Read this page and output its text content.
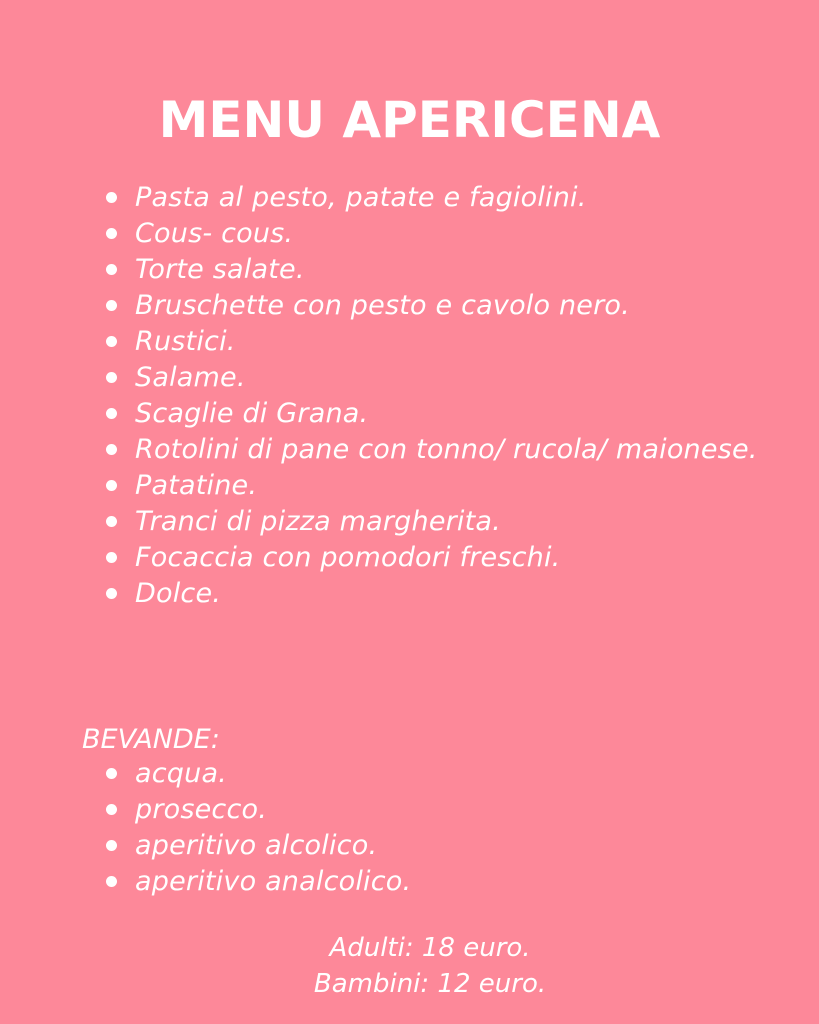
MENU APERICENA
Pasta al pesto, patate e fagiolini.
Cous- cous.
Torte salate.
Bruschette con pesto e cavolo nero.
Rustici.
Salame.
Scaglie di Grana.
Rotolini di pane con tonno/ rucola/ maionese.
Patatine.
Tranci di pizza margherita.
Focaccia con pomodori freschi.
Dolce.

BEVANDE:

acqua.
prosecco.
aperitivo alcolico.
aperitivo analcolico.

Adulti: 18 euro.

Bambini: 12 euro.
